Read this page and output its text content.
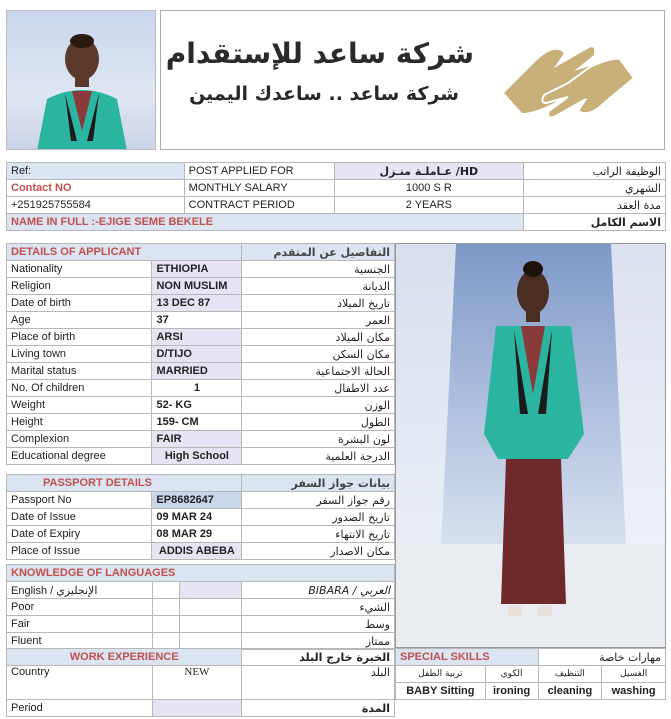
شركة ساعد للإستقدام
شركة ساعد .. ساعدك اليمين
Ref:	POST APPLIED FOR	HD/ عـاملـة منـزل	الوظيفة الراتب
Contact NO	MONTHLY SALARY	1000 S R	الشهري
+251925755584	CONTRACT PERIOD	2 YEARS	مدة العقد
NAME IN FULL :-EJIGE SEME BEKELE			الاسم الكامل
DETAILS OF APPLICANT		التفاصيل عن المتقدم
Nationality	ETHIOPIA	الجنسية
Religion	NON MUSLIM	الديانة
Date of birth	13 DEC 87	تاريخ الميلاد
Age	37	العمر
Place of birth	ARSI	مكان الميلاد
Living town	D/TIJO	مكان السكن
Marital status	MARRIED	الحالة الاجتماعية
No. Of children	1	عدد الاطفال
Weight	52- KG	الوزن
Height	159- CM	الطول
Complexion	FAIR	لون البشرة
Educational degree	High School	الدرجة العلمية
PASSPORT DETAILS		بيانات جواز السفر
Passport No	EP8682647	رقم جواز السفر
Date of Issue	09 MAR 24	تاريخ الصدور
Date of Expiry	08 MAR 29	تاريخ الانتهاء
Place of Issue	ADDIS ABEBA	مكان الاصدار
KNOWLEDGE OF LANGUAGES			
English / الإنجليزي			العربي / BIBARA
Poor			الشيء
Fair			وسط
Fluent			ممتاز
WORK EXPERIENCE		الخبرة خارج البلد
Country	NEW	البلد
Period		المدة
SPECIAL SKILLS		مهارات خاصة	
تربية الطفل	الكوي	التنظيف	الغسيل
BABY Sitting	ironing	cleaning	washing
